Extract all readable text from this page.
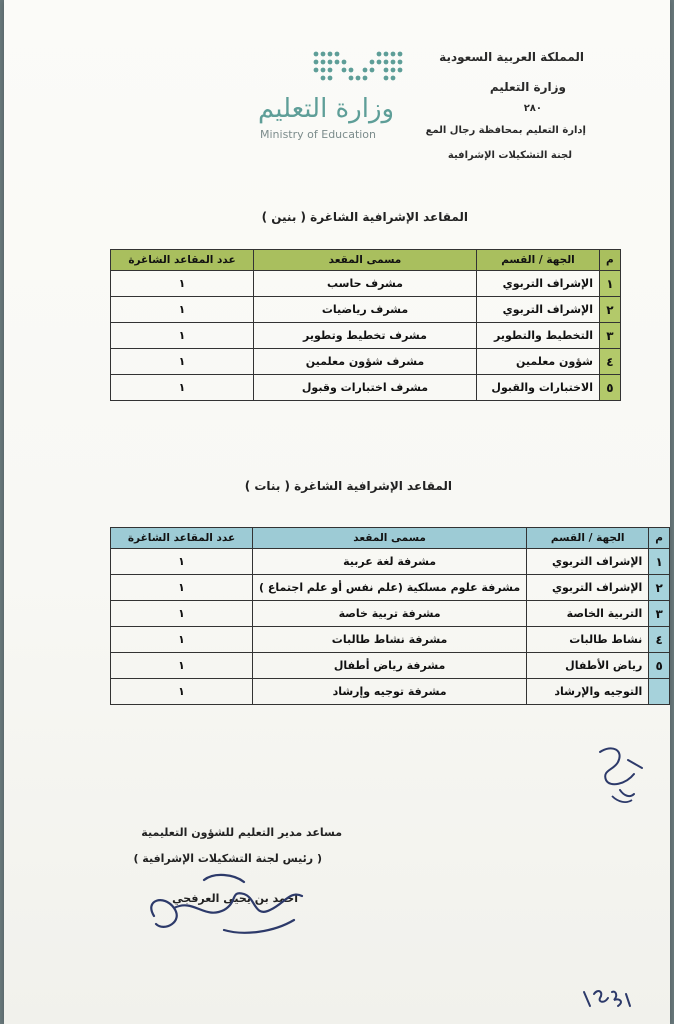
المملكة العربية السعودية
وزارة التعليم
٢٨٠
إدارة التعليم بمحافظة رجال المع
لجنة التشكيلات الإشرافية
وزارة التعليم
Ministry of Education
المقاعد الإشرافية الشاغرة ( بنين )
م	الجهة / القسم	مسمى المقعد	عدد المقاعد الشاغرة
١	الإشراف التربوي	مشرف حاسب	١
٢	الإشراف التربوي	مشرف رياضيات	١
٣	التخطيط والتطوير	مشرف تخطيط وتطوير	١
٤	شؤون معلمين	مشرف شؤون معلمين	١
٥	الاختبارات والقبول	مشرف اختبارات وقبول	١
المقاعد الإشرافية الشاغرة ( بنات )
م	الجهة / القسم	مسمى المقعد	عدد المقاعد الشاغرة
١	الإشراف التربوي	مشرفة لغة عربية	١
٢	الإشراف التربوي	مشرفة علوم مسلكية (علم نفس أو علم اجتماع )	١
٣	التربية الخاصة	مشرفة تربية خاصة	١
٤	نشاط طالبات	مشرفة نشاط طالبات	١
٥	رياض الأطفال	مشرفة رياض أطفال	١
	التوجيه والإرشاد	مشرفة توجيه وإرشاد	١
مساعد مدير التعليم للشؤون التعليمية
( رئيس لجنة التشكيلات الإشرافية )
احمد بن يحيى العرفجي
